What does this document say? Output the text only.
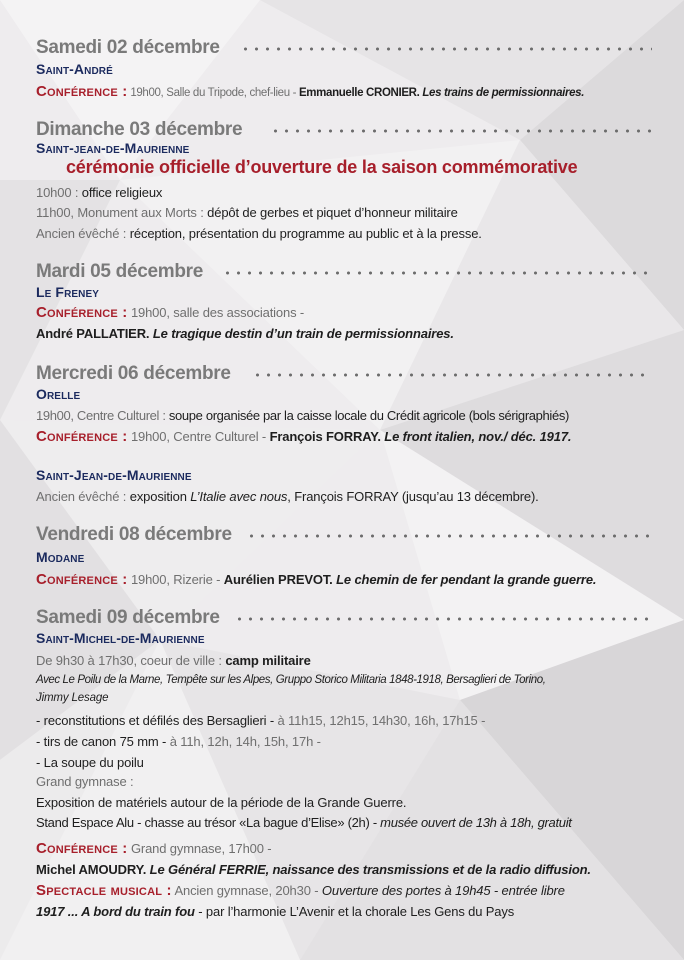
Samedi 02 décembre
Saint-André
Conférence : 19h00, Salle du Tripode, chef-lieu - Emmanuelle CRONIER. Les trains de permissionnaires.
Dimanche 03 décembre
Saint-jean-de-Maurienne
cérémonie officielle d’ouverture de la saison commémorative
10h00 : office religieux
11h00, Monument aux Morts : dépôt de gerbes et piquet d’honneur militaire
Ancien évêché : réception, présentation du programme au public et à la presse.
Mardi 05 décembre
Le Freney
Conférence : 19h00, salle des associations -
André PALLATIER. Le tragique destin d’un train de permissionnaires.
Mercredi 06 décembre
Orelle
19h00, Centre Culturel : soupe organisée par la caisse locale du Crédit agricole (bols sérigraphiés)
Conférence : 19h00, Centre Culturel - François FORRAY. Le front italien, nov./ déc. 1917.
Saint-Jean-de-Maurienne
Ancien évêché : exposition L’Italie avec nous, François FORRAY (jusqu’au 13 décembre).
Vendredi 08 décembre
Modane
Conférence : 19h00, Rizerie - Aurélien PREVOT. Le chemin de fer pendant la grande guerre.
Samedi 09 décembre
Saint-Michel-de-Maurienne
De 9h30 à 17h30, coeur de ville : camp militaire
Avec Le Poilu de la Marne, Tempête sur les Alpes, Gruppo Storico Militaria 1848-1918, Bersaglieri de Torino,
Jimmy Lesage
- reconstitutions et défilés des Bersaglieri - à 11h15, 12h15, 14h30, 16h, 17h15 -
- tirs de canon 75 mm - à 11h, 12h, 14h, 15h, 17h -
- La soupe du poilu
Grand gymnase :
Exposition de matériels autour de la période de la Grande Guerre.
Stand Espace Alu - chasse au trésor «La bague d’Elise» (2h) - musée ouvert de 13h à 18h, gratuit
Conférence : Grand gymnase, 17h00 -
Michel AMOUDRY. Le Général FERRIE, naissance des transmissions et de la radio diffusion.
Spectacle musical : Ancien gymnase, 20h30 - Ouverture des portes à 19h45 - entrée libre
1917 ... A bord du train fou - par l’harmonie L’Avenir et la chorale Les Gens du Pays
